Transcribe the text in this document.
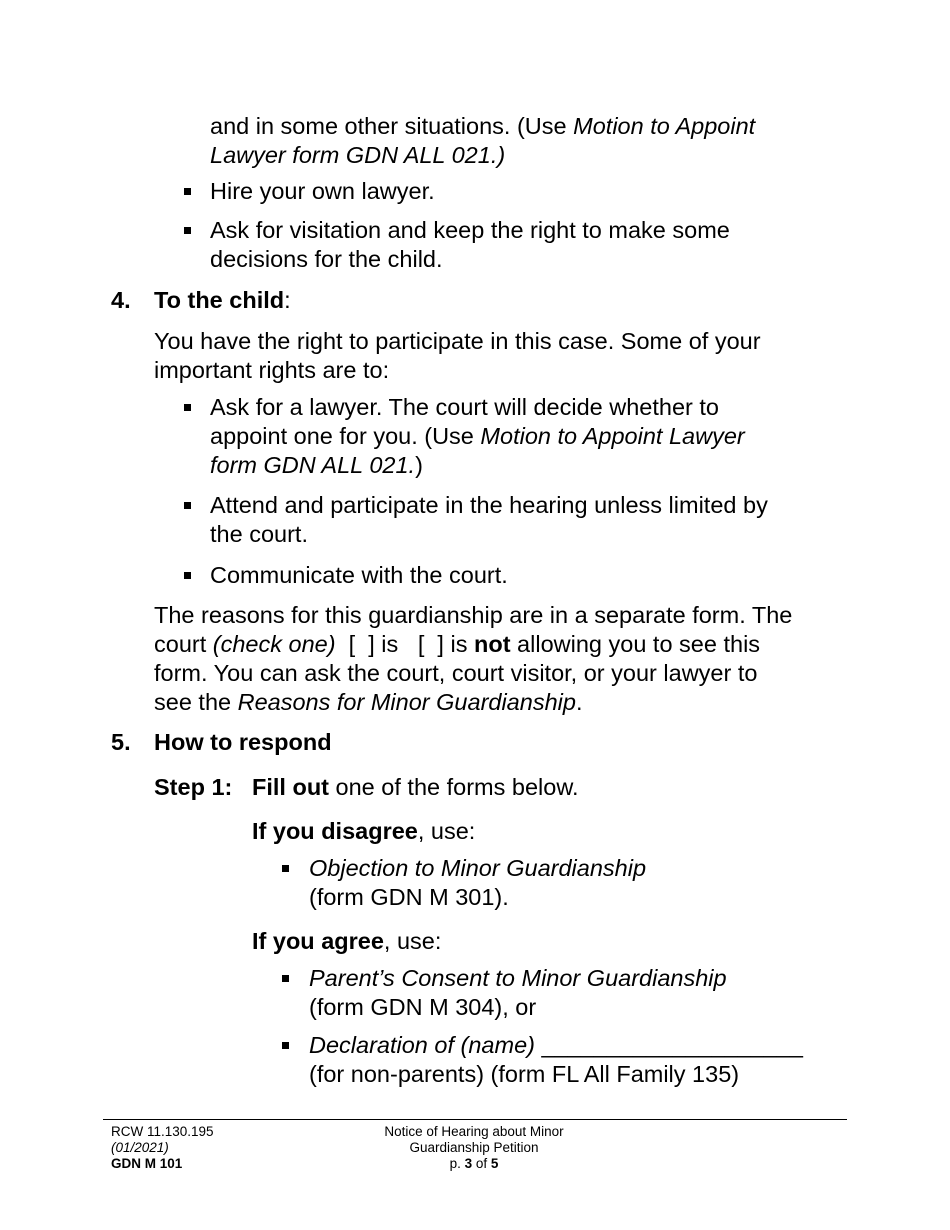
and in some other situations. (Use Motion to Appoint
Lawyer form GDN ALL 021.)
Hire your own lawyer.
Ask for visitation and keep the right to make some
decisions for the child.
4. To the child:
You have the right to participate in this case. Some of your
important rights are to:
Ask for a lawyer. The court will decide whether to
appoint one for you. (Use Motion to Appoint Lawyer
form GDN ALL 021.)
Attend and participate in the hearing unless limited by
the court.
Communicate with the court.
The reasons for this guardianship are in a separate form. The
court (check one)  [  ] is   [  ] is not allowing you to see this
form. You can ask the court, court visitor, or your lawyer to
see the Reasons for Minor Guardianship.
5. How to respond
Step 1: Fill out one of the forms below.
If you disagree, use:
Objection to Minor Guardianship
(form GDN M 301).
If you agree, use:
Parent’s Consent to Minor Guardianship
(form GDN M 304), or
Declaration of (name) ____________________
(for non-parents) (form FL All Family 135)
RCW 11.130.195
(01/2021)
GDN M 101
Notice of Hearing about Minor
Guardianship Petition
p. 3 of 5
